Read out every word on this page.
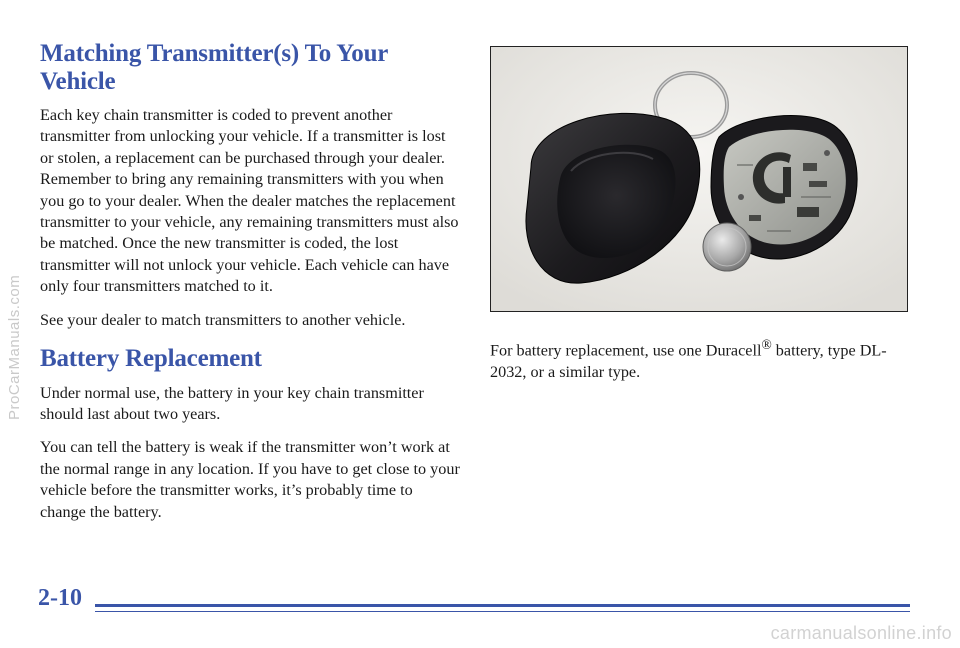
Matching Transmitter(s) To Your Vehicle

Each key chain transmitter is coded to prevent another transmitter from unlocking your vehicle. If a transmitter is lost or stolen, a replacement can be purchased through your dealer. Remember to bring any remaining transmitters with you when you go to your dealer. When the dealer matches the replacement transmitter to your vehicle, any remaining transmitters must also be matched. Once the new transmitter is coded, the lost transmitter will not unlock your vehicle. Each vehicle can have only four transmitters matched to it.

See your dealer to match transmitters to another vehicle.

Battery Replacement

Under normal use, the battery in your key chain transmitter should last about two years.

You can tell the battery is weak if the transmitter won’t work at the normal range in any location. If you have to get close to your vehicle before the transmitter works, it’s probably time to change the battery.

For battery replacement, use one Duracell® battery, type DL-2032, or a similar type.

2-10
ProCarManuals.com
carmanualsonline.info
